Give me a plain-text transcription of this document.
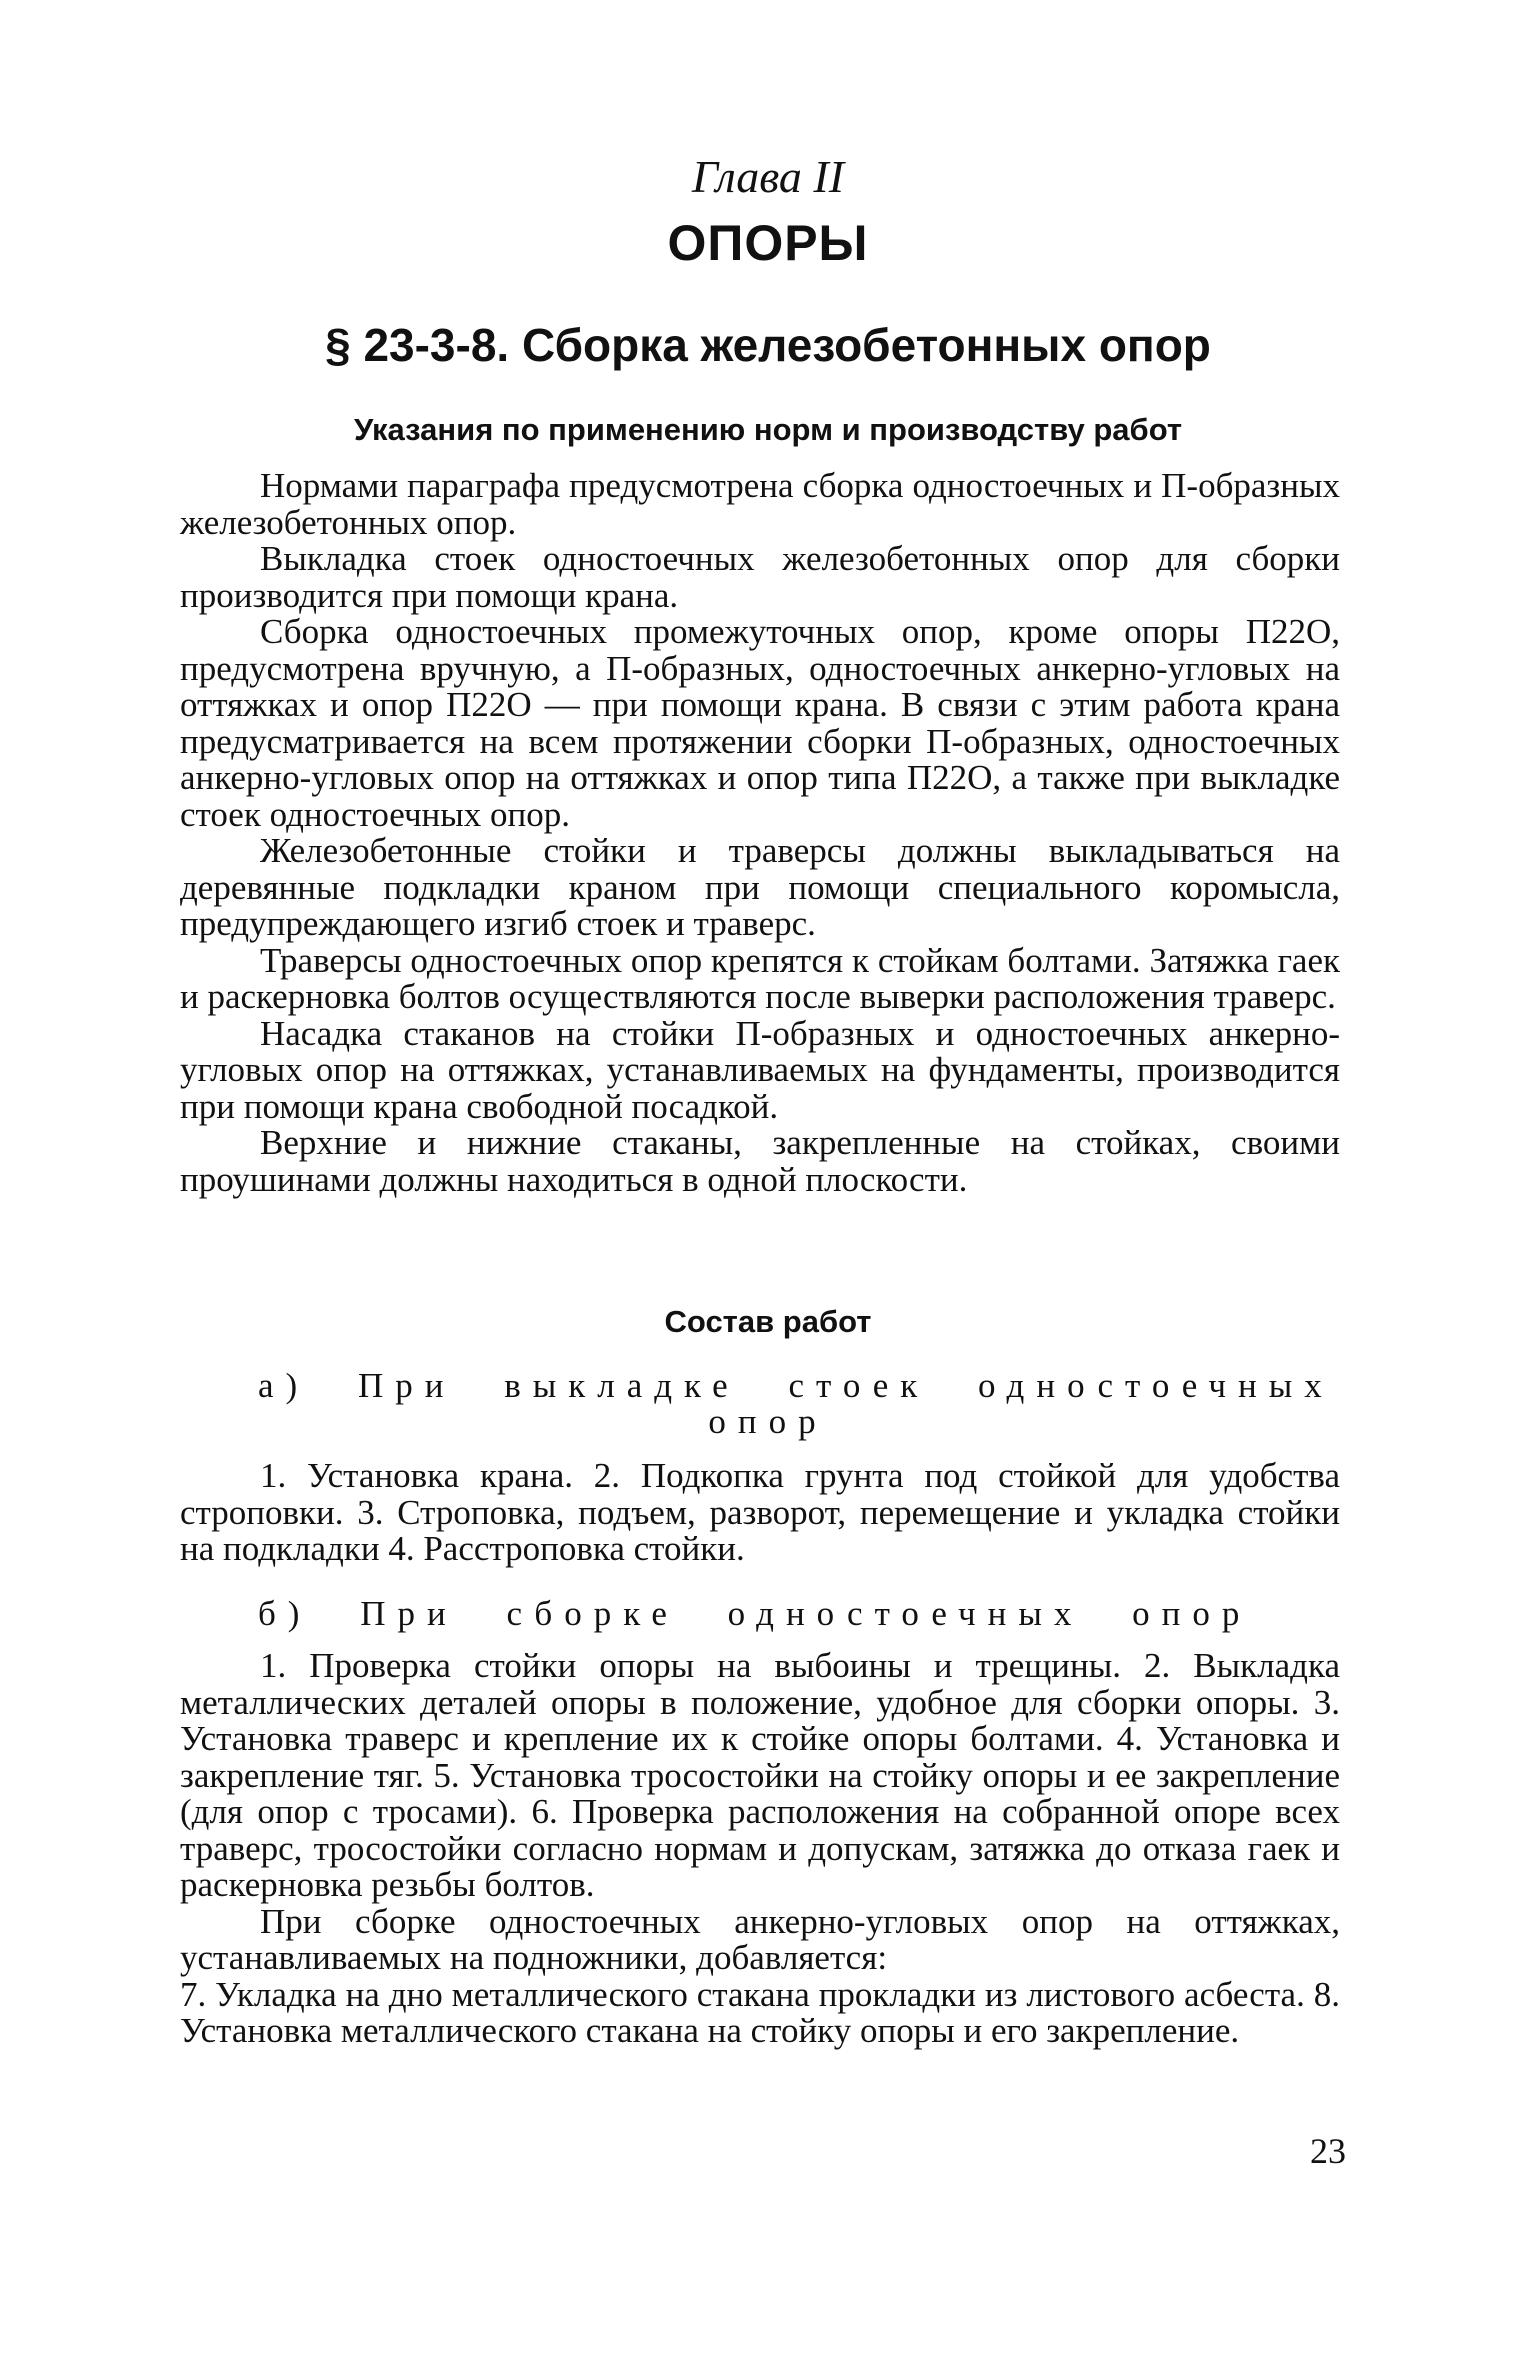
Глава II
ОПОРЫ
§ 23-3-8. Сборка железобетонных опор
Указания по применению норм и производству работ

Нормами параграфа предусмотрена сборка одностоечных и П-образных железобетонных опор.

Выкладка стоек одностоечных железобетонных опор для сборки производится при помощи крана.

Сборка одностоечных промежуточных опор, кроме опоры П22О, предусмотрена вручную, а П-образных, одностоечных анкерно-угловых на оттяжках и опор П22О — при помощи крана. В связи с этим работа крана предусматривается на всем протяжении сборки П-образных, одностоечных анкерно-угловых опор на оттяжках и опор типа П22О, а также при выкладке стоек одностоечных опор.

Железобетонные стойки и траверсы должны выкладываться на деревянные подкладки краном при помощи специального коромысла, предупреждающего изгиб стоек и траверс.

Траверсы одностоечных опор крепятся к стойкам болтами. Затяжка гаек и раскерновка болтов осуществляются после выверки расположения траверс.

Насадка стаканов на стойки П-образных и одностоечных анкерно-угловых опор на оттяжках, устанавливаемых на фундаменты, производится при помощи крана свободной посадкой.

Верхние и нижние стаканы, закрепленные на стойках, своими проушинами должны находиться в одной плоскости.

Состав работ
а) При выкладке стоек одностоечных
опор

1. Установка крана. 2. Подкопка грунта под стойкой для удобства строповки. 3. Строповка, подъем, разворот, перемещение и укладка стойки на подкладки 4. Расстроповка стойки.

б) При сборке одностоечных опор

1. Проверка стойки опоры на выбоины и трещины. 2. Выкладка металлических деталей опоры в положение, удобное для сборки опоры. 3. Установка траверс и крепление их к стойке опоры болтами. 4. Установка и закрепление тяг. 5. Установка тросостойки на стойку опоры и ее закрепление (для опор с тросами). 6. Проверка расположения на собранной опоре всех траверс, тросостойки согласно нормам и допускам, затяжка до отказа гаек и раскерновка резьбы болтов.

При сборке одностоечных анкерно-угловых опор на оттяжках, устанавливаемых на подножники, добавляется:

7. Укладка на дно металлического стакана прокладки из листового асбеста. 8. Установка металлического стакана на стойку опоры и его закрепление.

23
